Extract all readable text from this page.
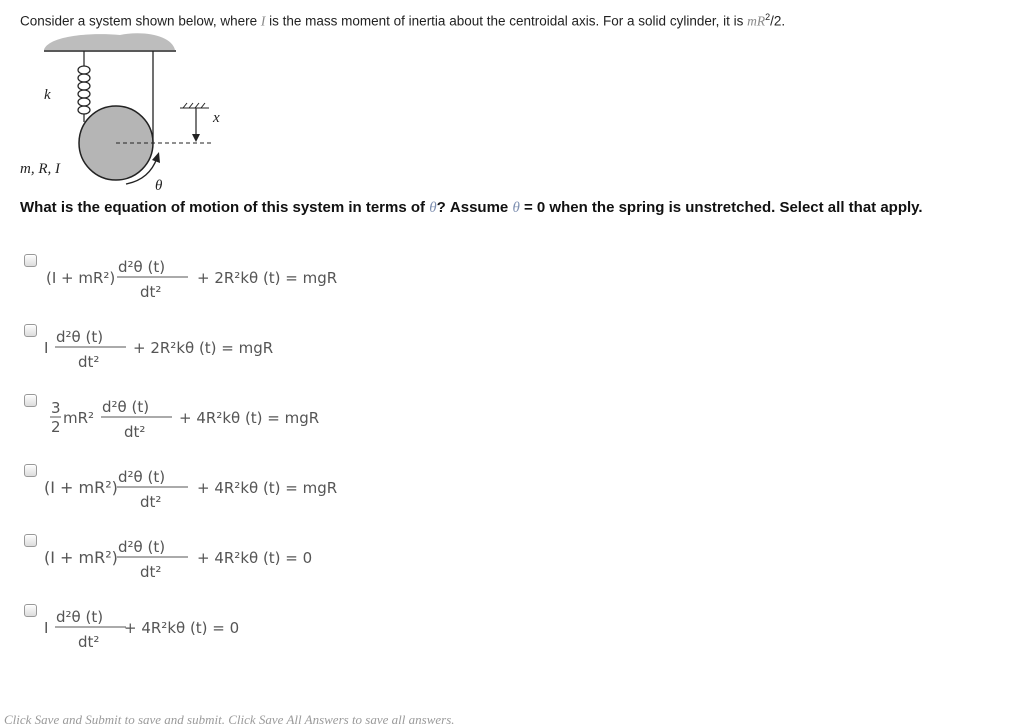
Consider a system shown below, where I is the mass moment of inertia about the centroidal axis. For a solid cylinder, it is $mR^2/2$.
k
x
m, R, I
θ
What is the equation of motion of this system in terms of θ? Assume θ = 0 when the spring is unstretched. Select all that apply.
(I + mR²)
d²θ (t)
dt²
+ 2R²kθ (t) = mgR
I
d²θ (t)
dt²
+ 2R²kθ (t) = mgR
3
2 mR²
d²θ (t)
dt²
+ 4R²kθ (t) = mgR
(I + mR²)
d²θ (t)
dt²
+ 4R²kθ (t) = mgR
(I + mR²)
d²θ (t)
dt²
+ 4R²kθ (t) = 0
I
d²θ (t)
dt²
+ 4R²kθ (t) = 0
Click Save and Submit to save and submit. Click Save All Answers to save all answers.
